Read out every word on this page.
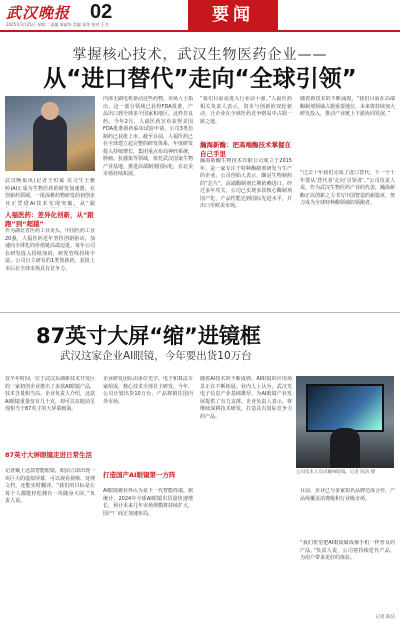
武汉晚报 02	要闻
2025年3月25日 星期二 责编 周淑华 美编 邹荣 校对 王杰
掌握核心技术，武汉生物医药企业——
从“进口替代”走向“全球引领”
武汉晚报讯(记者王恒斌 实习生王雅婷)AI正成为生物医药的研发加速器。在创新药领域，一批深耕药物研发的初创企业正凭借AI技术实现突破，从“跟
人福医药：差异化创新，从“跟跑”到“超越”
作为湖北省医药工业龙头，中国医药工业20强，人福医药近年坚持创新驱动，加速向全球化的价值链高端迈进。每年公司在研发投入持续加码，研发管线持续丰富。公司自主研发的1类创新药，获批上市后在全球市场具有竞争力。
内部无刷电机驱动这些药物。市场人士指出，这一部分领域已获得FDA批准，产品出口到全球多个国家和地区。这样非良药，今年2月，人福医药宣布获得美国FDA批准新药临床试验申请，公司3类仿制药已获批上市。截至目前，人福医药已在全球建立起完整的研发体系，年度研发投入持续增长。集团重点布局神经系统、肿瘤、抗感染等领域，依托武汉国家生物产业基地，推进高端制剂国际化，在北美市场持续拓展。
“我们目前是进入行业前十强。”人福医药相关负责人表示，资本与创新的双轮驱动，让企业在全球医药竞争格局中占据一席之地。
瀚海新酶：把高端酶技术掌握在自己手里
瀚海新酶生物技术有限公司成立于2015年，是一家专注于特种酶制剂研发与生产的企业。公司创始人表示，酶是生物制药的“芯片”，高端酶制剂长期依赖进口。经过多年攻关，公司已实现多款核心酶制剂国产化，产品性能达到国际先进水平，并出口至欧美市场。
随着新技术的不断涌现，“我们目前在高端酶制剂领域占据重要地位，未来将持续加大研发投入，推动产业链上下游协同发展。”
“过去十年我们完成了进口替代，下一个十年要从‘替代者’走向‘引领者’。”公司负责人说，作为武汉生物医药产业的代表，瀚海新酶正以创新之力书写中国智造的新篇章，努力成为全球特种酶领域的领跑者。
87英寸大屏“缩”进镜框
武汉这家企业AI眼镜，今年要出货10万台
仅半年时间，位于武汉东湖新技术开发区的一家初创企业推出了多款AI眼镜产品，技术含量相当高。企业负责人介绍，这款AI眼镜重量仅有几十克，却可以在眼前呈现相当于87英寸的大屏幕画面。
87英寸大屏眼镜走进日常生活
记者戴上这款智能眼镜，眼前立即出现一块巨大的虚拟屏幕，可以观看视频、处理文档，还能实时翻译。“我们的目标是让每个人都能轻松拥有一块随身大屏。”负责人说。
企业研发团队由多位光学、电子和算法专家组成，核心技术全部自主研发。今年，公司计划出货10万台，产品将销往国内外市场。
打造国产AI眼镜第一方阵
AI眼镜被业界认为是下一代智能终端。据统计，2024年全球AI眼镜出货量快速增长，预计未来几年市场规模将持续扩大，国产厂商正加速布局。
随着AI技术的不断成熟，AI眼镜的应用场景正在不断拓展。业内人士认为，武汉光电子信息产业基础雄厚，为AI眼镜产业发展提供了有力支撑。企业负责人表示，将继续深耕技术研发，打造具有国际竞争力的产品。
公司技术人员试戴AI眼镜。记者 陈洁 摄
目前，企业已与多家知名品牌达成合作，产品线覆盖消费级和行业级市场。
“我们希望把AI眼镜做成像手机一样普及的产品。”负责人说，公司将持续迭代产品，为用户带来更好的体验。
记者 陈洁
